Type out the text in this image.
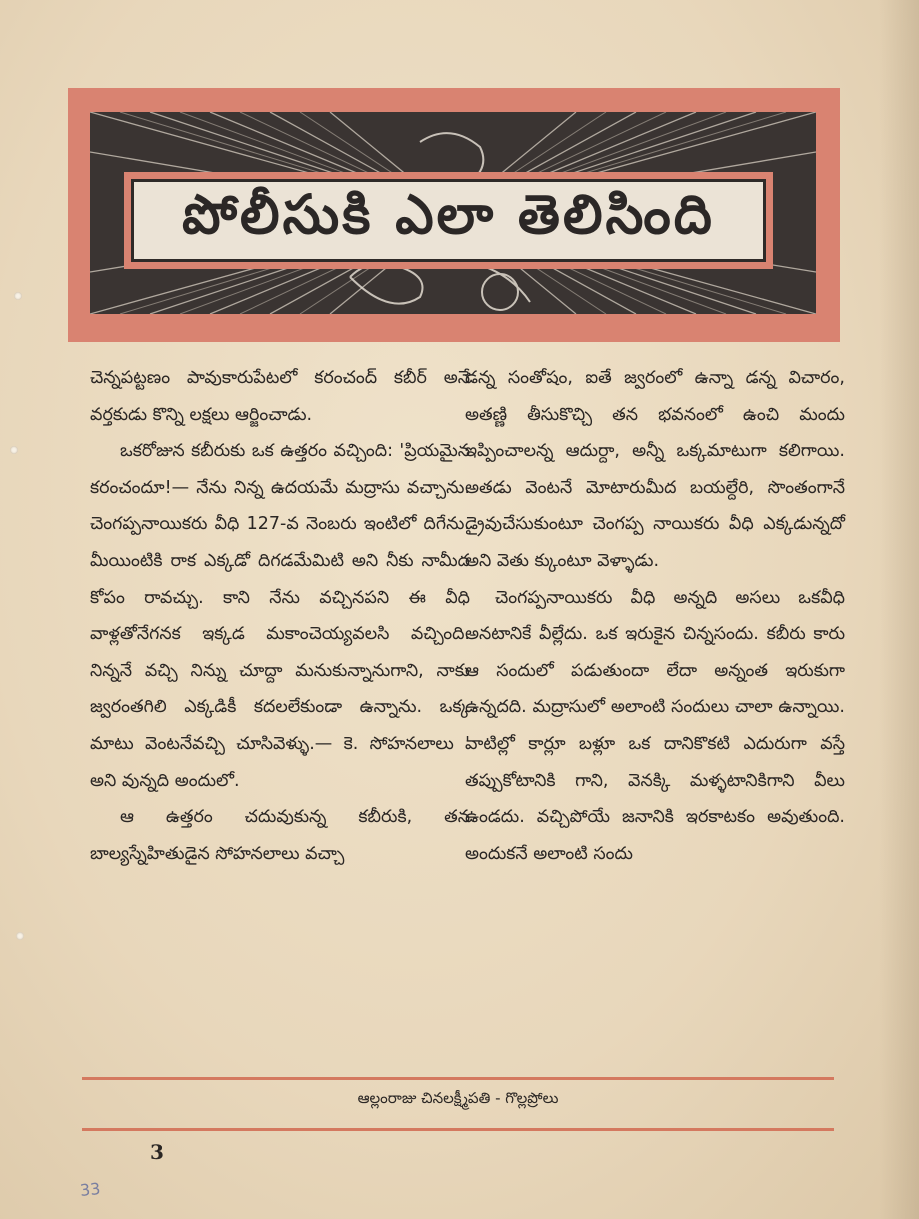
పోలీసుకి ఎలా తెలిసింది

చెన్నపట్టణం పావుకారుపేటలో కరంచంద్ కబీర్ అనే వర్తకుడు కొన్ని లక్షలు ఆర్జించాడు.

ఒకరోజున కబీరుకు ఒక ఉత్తరం వచ్చింది: 'ప్రియమైన కరంచందూ!— నేను నిన్న ఉదయమే మద్రాసు వచ్చాను. చెంగప్పనాయికరు వీధి 127-వ నెంబరు ఇంటిలో దిగేను. మీయింటికి రాక ఎక్కడో దిగడమేమిటి అని నీకు నామీద కోపం రావచ్చు. కాని నేను వచ్చినపని ఈ వీధి వాళ్లతోనేగనక ఇక్కడ మకాంచెయ్యవలసి వచ్చింది. నిన్ననే వచ్చి నిన్ను చూద్దా మనుకున్నానుగాని, నాకు జ్వరంతగిలి ఎక్కడికీ కదలలేకుండా ఉన్నాను. ఒక్క మాటు వెంటనేవచ్చి చూసివెళ్ళు.— కె. సోహనలాలు ' అని వున్నది అందులో.

ఆ ఉత్తరం చదువుకున్న కబీరుకి, తన బాల్యస్నేహితుడైన సోహనలాలు వచ్చా

డన్న సంతోషం, ఐతే జ్వరంలో ఉన్నా డన్న విచారం, అతణ్ణి తీసుకొచ్చి తన భవనంలో ఉంచి మందు ఇప్పించాలన్న ఆదుర్దా, అన్నీ ఒక్కమాటుగా కలిగాయి. అతడు వెంటనే మోటారుమీద బయల్దేరి, సొంతంగానే డ్రైవుచేసుకుంటూ చెంగప్ప నాయికరు వీధి ఎక్కడున్నదో అని వెతు క్కుంటూ వెళ్ళాడు.

చెంగప్పనాయికరు వీధి అన్నది అసలు ఒకవీధి అనటానికే వీల్లేదు. ఒక ఇరుకైన చిన్నసందు. కబీరు కారు ఆ సందులో పడుతుందా లేదా అన్నంత ఇరుకుగా ఉన్నదది. మద్రాసులో అలాంటి సందులు చాలా ఉన్నాయి. వాటిల్లో కార్లూ బళ్లూ ఒక దానికొకటి ఎదురుగా వస్తే తప్పుకోటానికి గాని, వెనక్కి మళ్ళటానికిగాని వీలు ఉండదు. వచ్చిపోయే జనానికి ఇరకాటకం అవుతుంది. అందుకనే అలాంటి సందు

ఆల్లంరాజు చినలక్ష్మీపతి - గొల్లప్రోలు
3
33
